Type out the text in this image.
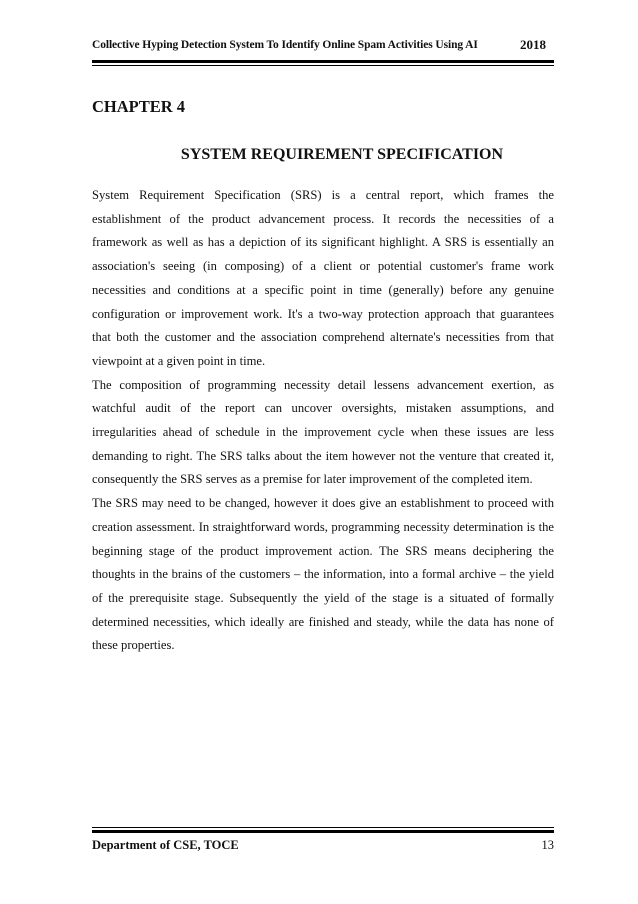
Collective Hyping Detection System To Identify Online Spam Activities Using AI	2018
CHAPTER 4
SYSTEM REQUIREMENT SPECIFICATION

System Requirement Specification (SRS) is a central report, which frames the establishment of the product advancement process. It records the necessities of a framework as well as has a depiction of its significant highlight. A SRS is essentially an association's seeing (in composing) of a client or potential customer's frame work necessities and conditions at a specific point in time (generally) before any genuine configuration or improvement work. It's a two-way protection approach that guarantees that both the customer and the association comprehend alternate's necessities from that viewpoint at a given point in time.

The composition of programming necessity detail lessens advancement exertion, as watchful audit of the report can uncover oversights, mistaken assumptions, and irregularities ahead of schedule in the improvement cycle when these issues are less demanding to right. The SRS talks about the item however not the venture that created it, consequently the SRS serves as a premise for later improvement of the completed item.

The SRS may need to be changed, however it does give an establishment to proceed with creation assessment. In straightforward words, programming necessity determination is the beginning stage of the product improvement action. The SRS means deciphering the thoughts in the brains of the customers – the information, into a formal archive – the yield of the prerequisite stage. Subsequently the yield of the stage is a situated of formally determined necessities, which ideally are finished and steady, while the data has none of these properties.

Department of CSE, TOCE	13
